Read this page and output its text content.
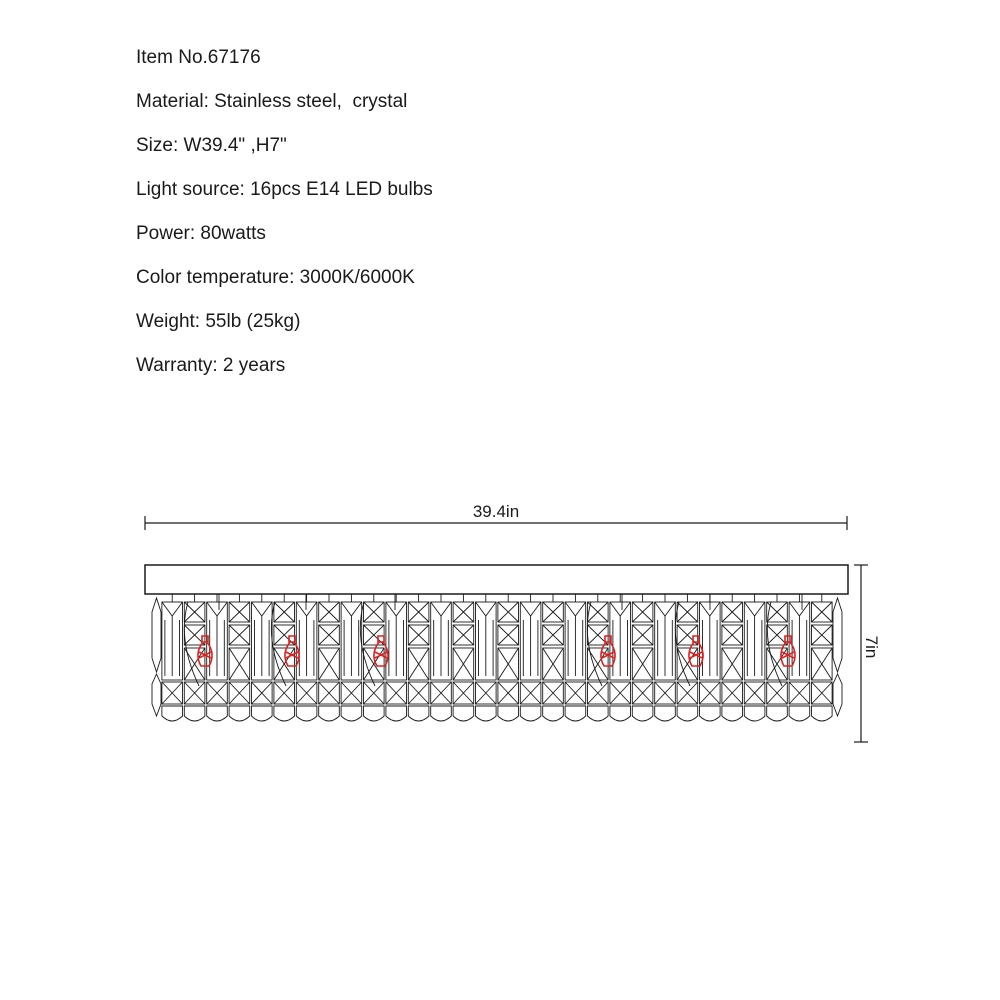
Item No.67176
Material: Stainless steel,  crystal
Size: W39.4" ,H7"
Light source: 16pcs E14 LED bulbs
Power: 80watts
Color temperature: 3000K/6000K
Weight: 55lb (25kg)
Warranty: 2 years
39.4in
7in
